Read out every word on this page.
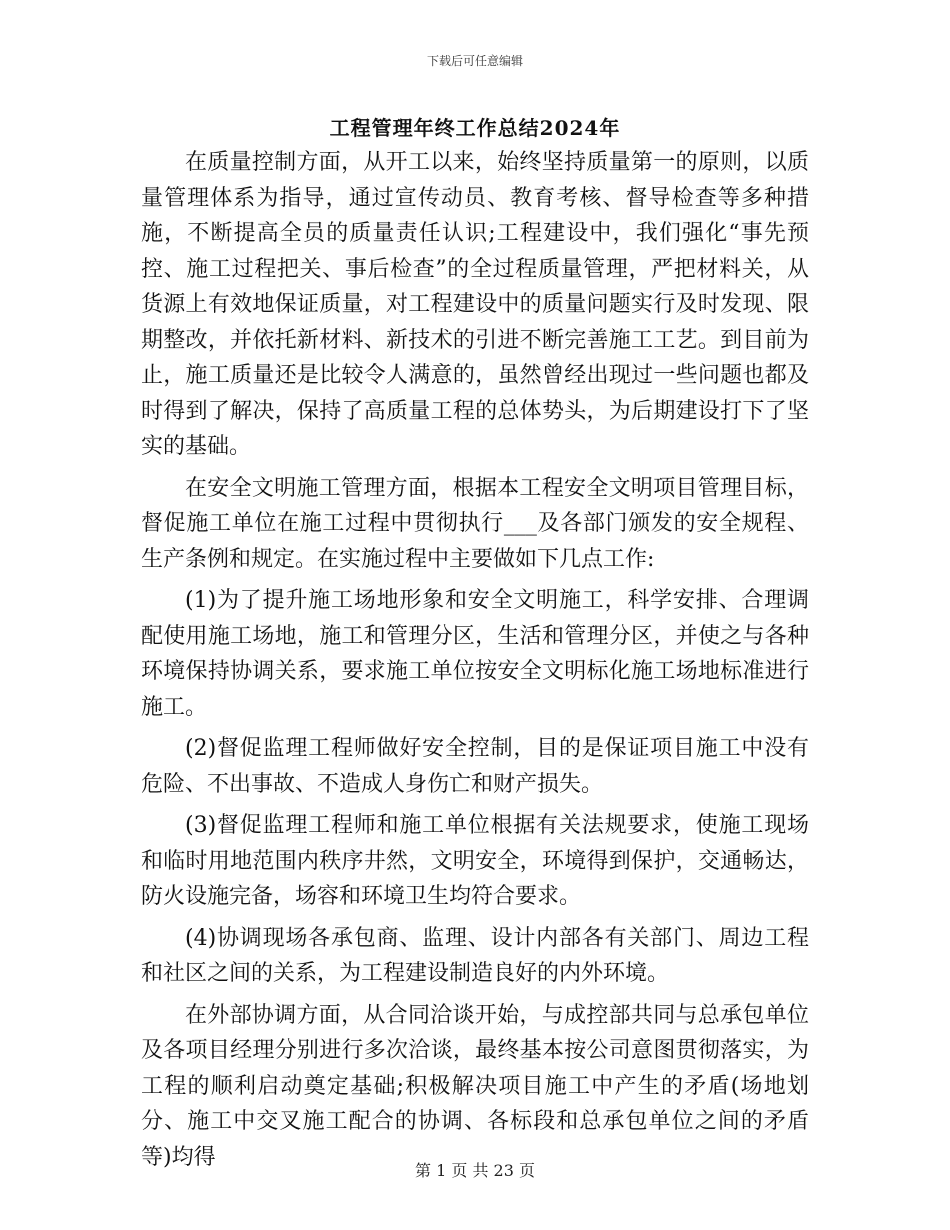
下载后可任意编辑
工程管理年终工作总结2024年

在质量控制方面，从开工以来，始终坚持质量第一的原则，以质量管理体系为指导，通过宣传动员、教育考核、督导检查等多种措施，不断提高全员的质量责任认识;工程建设中，我们强化“事先预控、施工过程把关、事后检查”的全过程质量管理，严把材料关，从货源上有效地保证质量，对工程建设中的质量问题实行及时发现、限期整改，并依托新材料、新技术的引进不断完善施工工艺。到目前为止，施工质量还是比较令人满意的，虽然曾经出现过一些问题也都及时得到了解决，保持了高质量工程的总体势头，为后期建设打下了坚实的基础。

在安全文明施工管理方面，根据本工程安全文明项目管理目标，督促施工单位在施工过程中贯彻执行___及各部门颁发的安全规程、生产条例和规定。在实施过程中主要做如下几点工作:

(1)为了提升施工场地形象和安全文明施工，科学安排、合理调配使用施工场地，施工和管理分区，生活和管理分区，并使之与各种环境保持协调关系，要求施工单位按安全文明标化施工场地标准进行施工。

(2)督促监理工程师做好安全控制，目的是保证项目施工中没有危险、不出事故、不造成人身伤亡和财产损失。

(3)督促监理工程师和施工单位根据有关法规要求，使施工现场和临时用地范围内秩序井然，文明安全，环境得到保护，交通畅达，防火设施完备，场容和环境卫生均符合要求。

(4)协调现场各承包商、监理、设计内部各有关部门、周边工程和社区之间的关系，为工程建设制造良好的内外环境。

在外部协调方面，从合同洽谈开始，与成控部共同与总承包单位及各项目经理分别进行多次洽谈，最终基本按公司意图贯彻落实，为工程的顺利启动奠定基础;积极解决项目施工中产生的矛盾(场地划分、施工中交叉施工配合的协调、各标段和总承包单位之间的矛盾等)均得

第 1 页 共 23 页
